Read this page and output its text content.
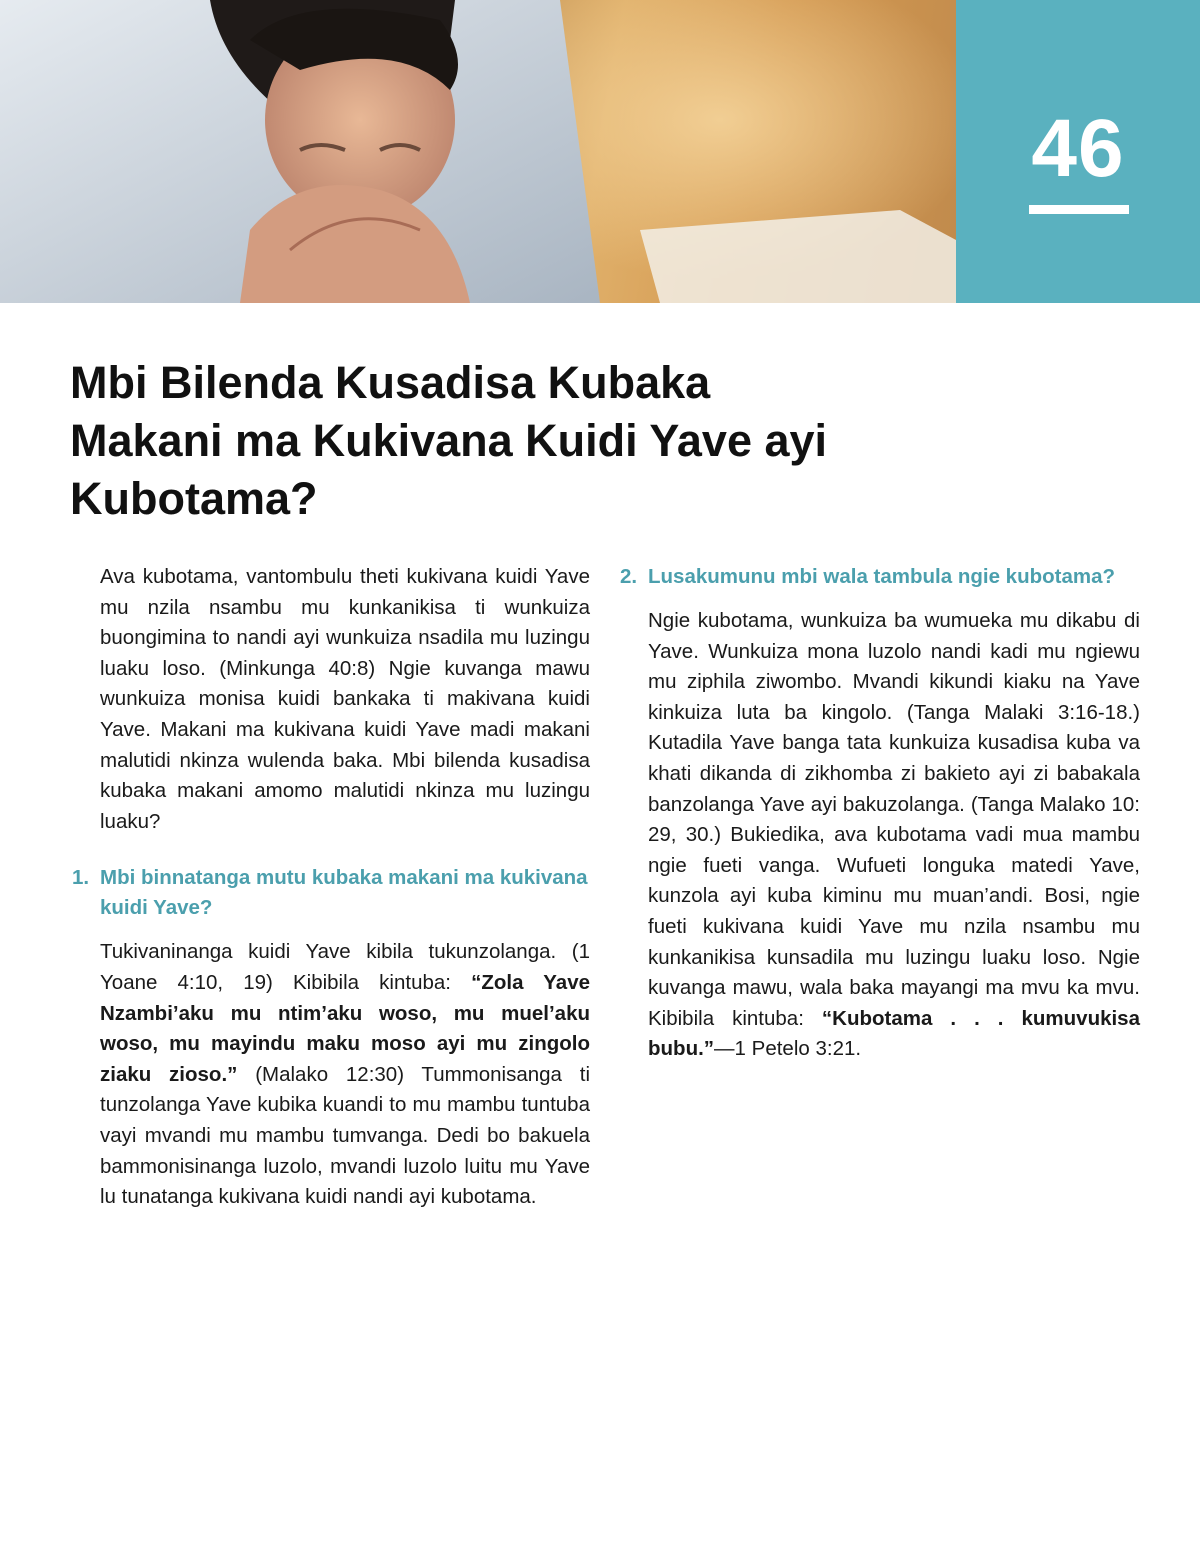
46
Mbi Bilenda Kusadisa Kubaka Makani ma Kukivana Kuidi Yave ayi Kubotama?

Ava kubotama, vantombulu theti kukivana kuidi Yave mu nzila nsambu mu kunkanikisa ti wunkuiza buongimina to nandi ayi wunkuiza nsadila mu luzingu luaku loso. (Minkunga 40:8) Ngie kuvanga mawu wunkuiza monisa kuidi bankaka ti makivana kuidi Yave. Makani ma kukivana kuidi Yave madi makani malutidi nkinza wulenda baka. Mbi bilenda kusadisa kubaka makani amomo malutidi nkinza mu luzingu luaku?

1. Mbi binnatanga mutu kubaka makani ma kukivana kuidi Yave?

Tukivaninanga kuidi Yave kibila tukunzolanga. (1 Yoane 4:10, 19) Kibibila kintuba: “Zola Yave Nzambi’aku mu ntim’aku woso, mu muel’aku woso, mu mayindu maku moso ayi mu zingolo ziaku zioso.” (Malako 12:30) Tummonisanga ti tunzolanga Yave kubika kuandi to mu mambu tuntuba vayi mvandi mu mambu tumvanga. Dedi bo bakuela bammonisinanga luzolo, mvandi luzolo luitu mu Yave lu tunatanga kukivana kuidi nandi ayi kubotama.

2. Lusakumunu mbi wala tambula ngie kubotama?

Ngie kubotama, wunkuiza ba wumueka mu dikabu di Yave. Wunkuiza mona luzolo nandi kadi mu ngiewu mu ziphila ziwombo. Mvandi kikundi kiaku na Yave kinkuiza luta ba kingolo. (Tanga Malaki 3:16-18.) Kutadila Yave banga tata kunkuiza kusadisa kuba va khati dikanda di zikhomba zi bakieto ayi zi babakala banzolanga Yave ayi bakuzolanga. (Tanga Malako 10: 29, 30.) Bukiedika, ava kubotama vadi mua mambu ngie fueti vanga. Wufueti longuka matedi Yave, kunzola ayi kuba kiminu mu muan’andi. Bosi, ngie fueti kukivana kuidi Yave mu nzila nsambu mu kunkanikisa kunsadila mu luzingu luaku loso. Ngie kuvanga mawu, wala baka mayangi ma mvu ka mvu. Kibibila kintuba: “Kubotama . . . kumuvukisa bubu.”—1 Petelo 3:21.
